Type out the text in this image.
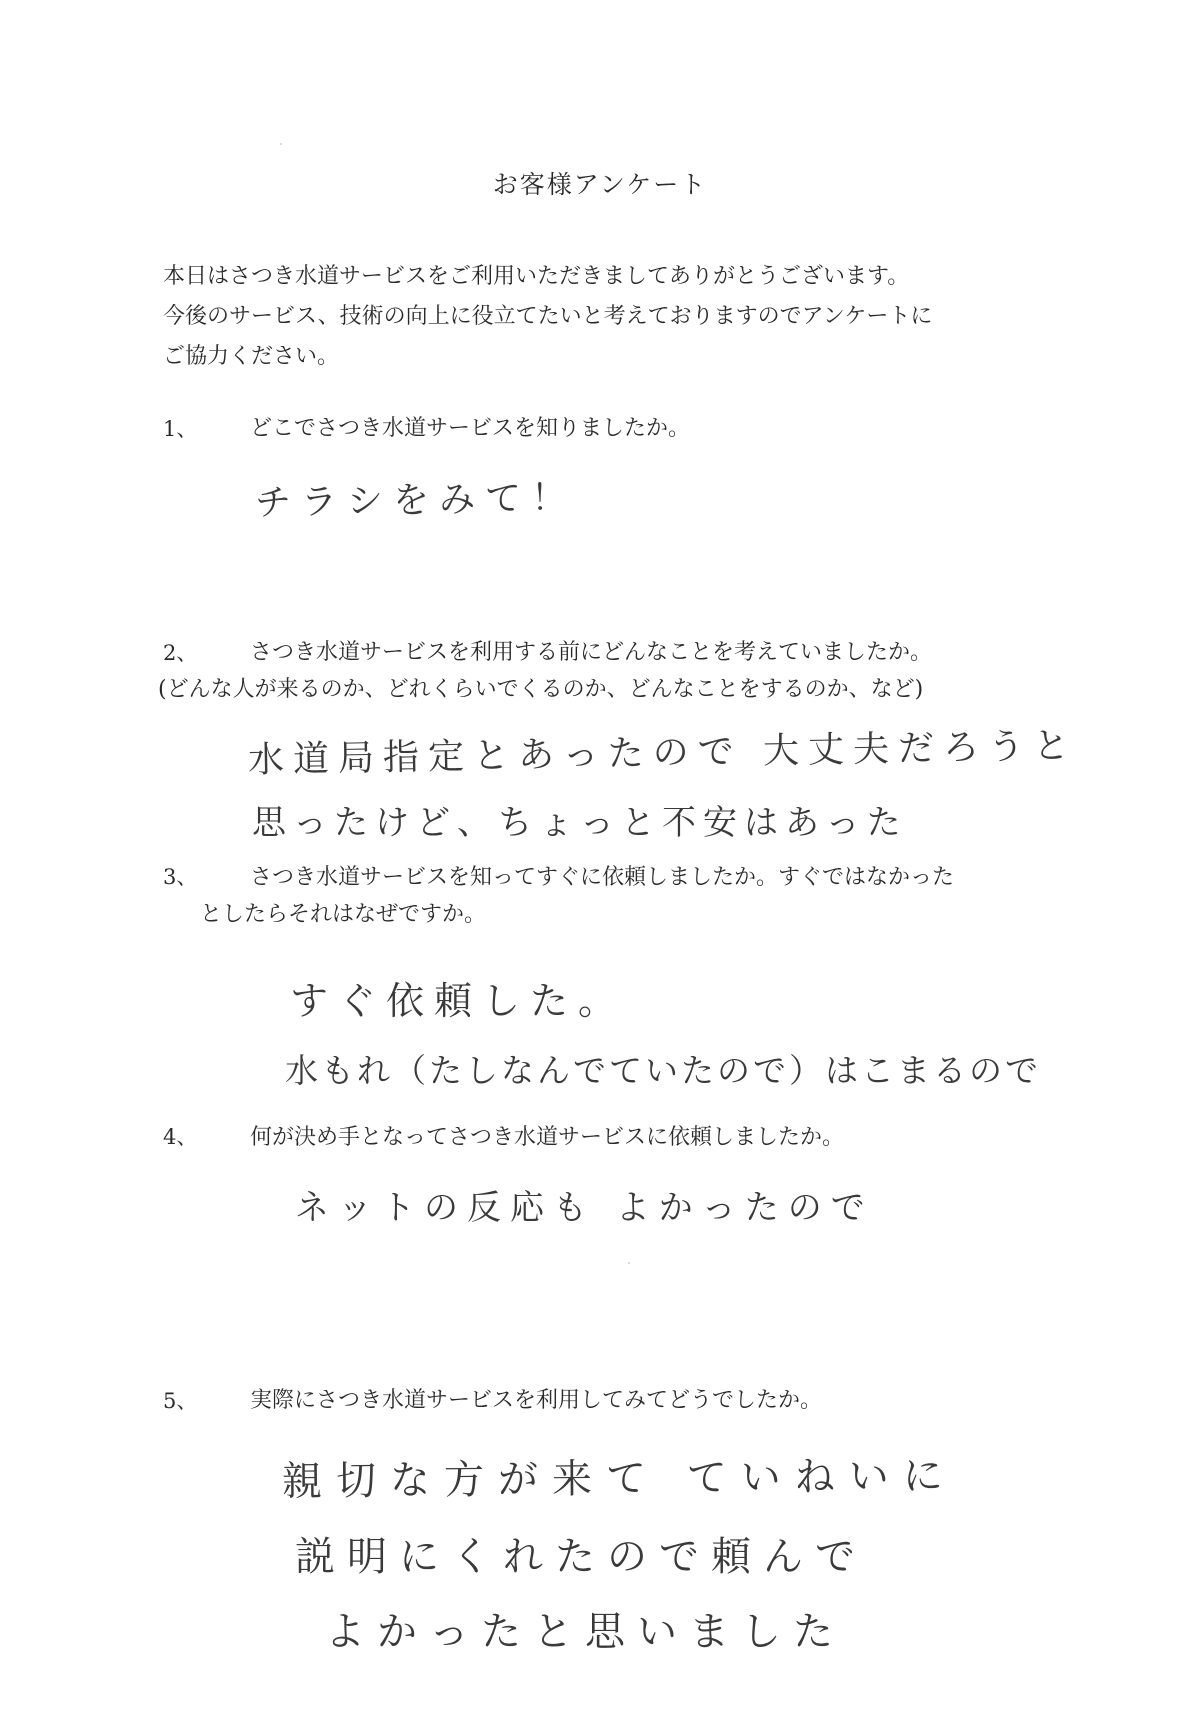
お客様アンケート
本日はさつき水道サービスをご利用いただきましてありがとうございます。
今後のサービス、技術の向上に役立てたいと考えておりますのでアンケートに
ご協力ください。
1、 どこでさつき水道サービスを知りましたか。
チラシをみて！
2、 さつき水道サービスを利用する前にどんなことを考えていましたか。
(どんな人が来るのか、どれくらいでくるのか、どんなことをするのか、など)
水道局指定とあったので 大丈夫だろうと
思ったけど、ちょっと不安はあった
3、 さつき水道サービスを知ってすぐに依頼しましたか。すぐではなかった
としたらそれはなぜですか。
すぐ依頼した。
水もれ（たしなんでていたので）はこまるので
4、 何が決め手となってさつき水道サービスに依頼しましたか。
ネットの反応も よかったので
5、 実際にさつき水道サービスを利用してみてどうでしたか。
親切な方が来て ていねいに
説明にくれたので頼んで
よかったと思いました
